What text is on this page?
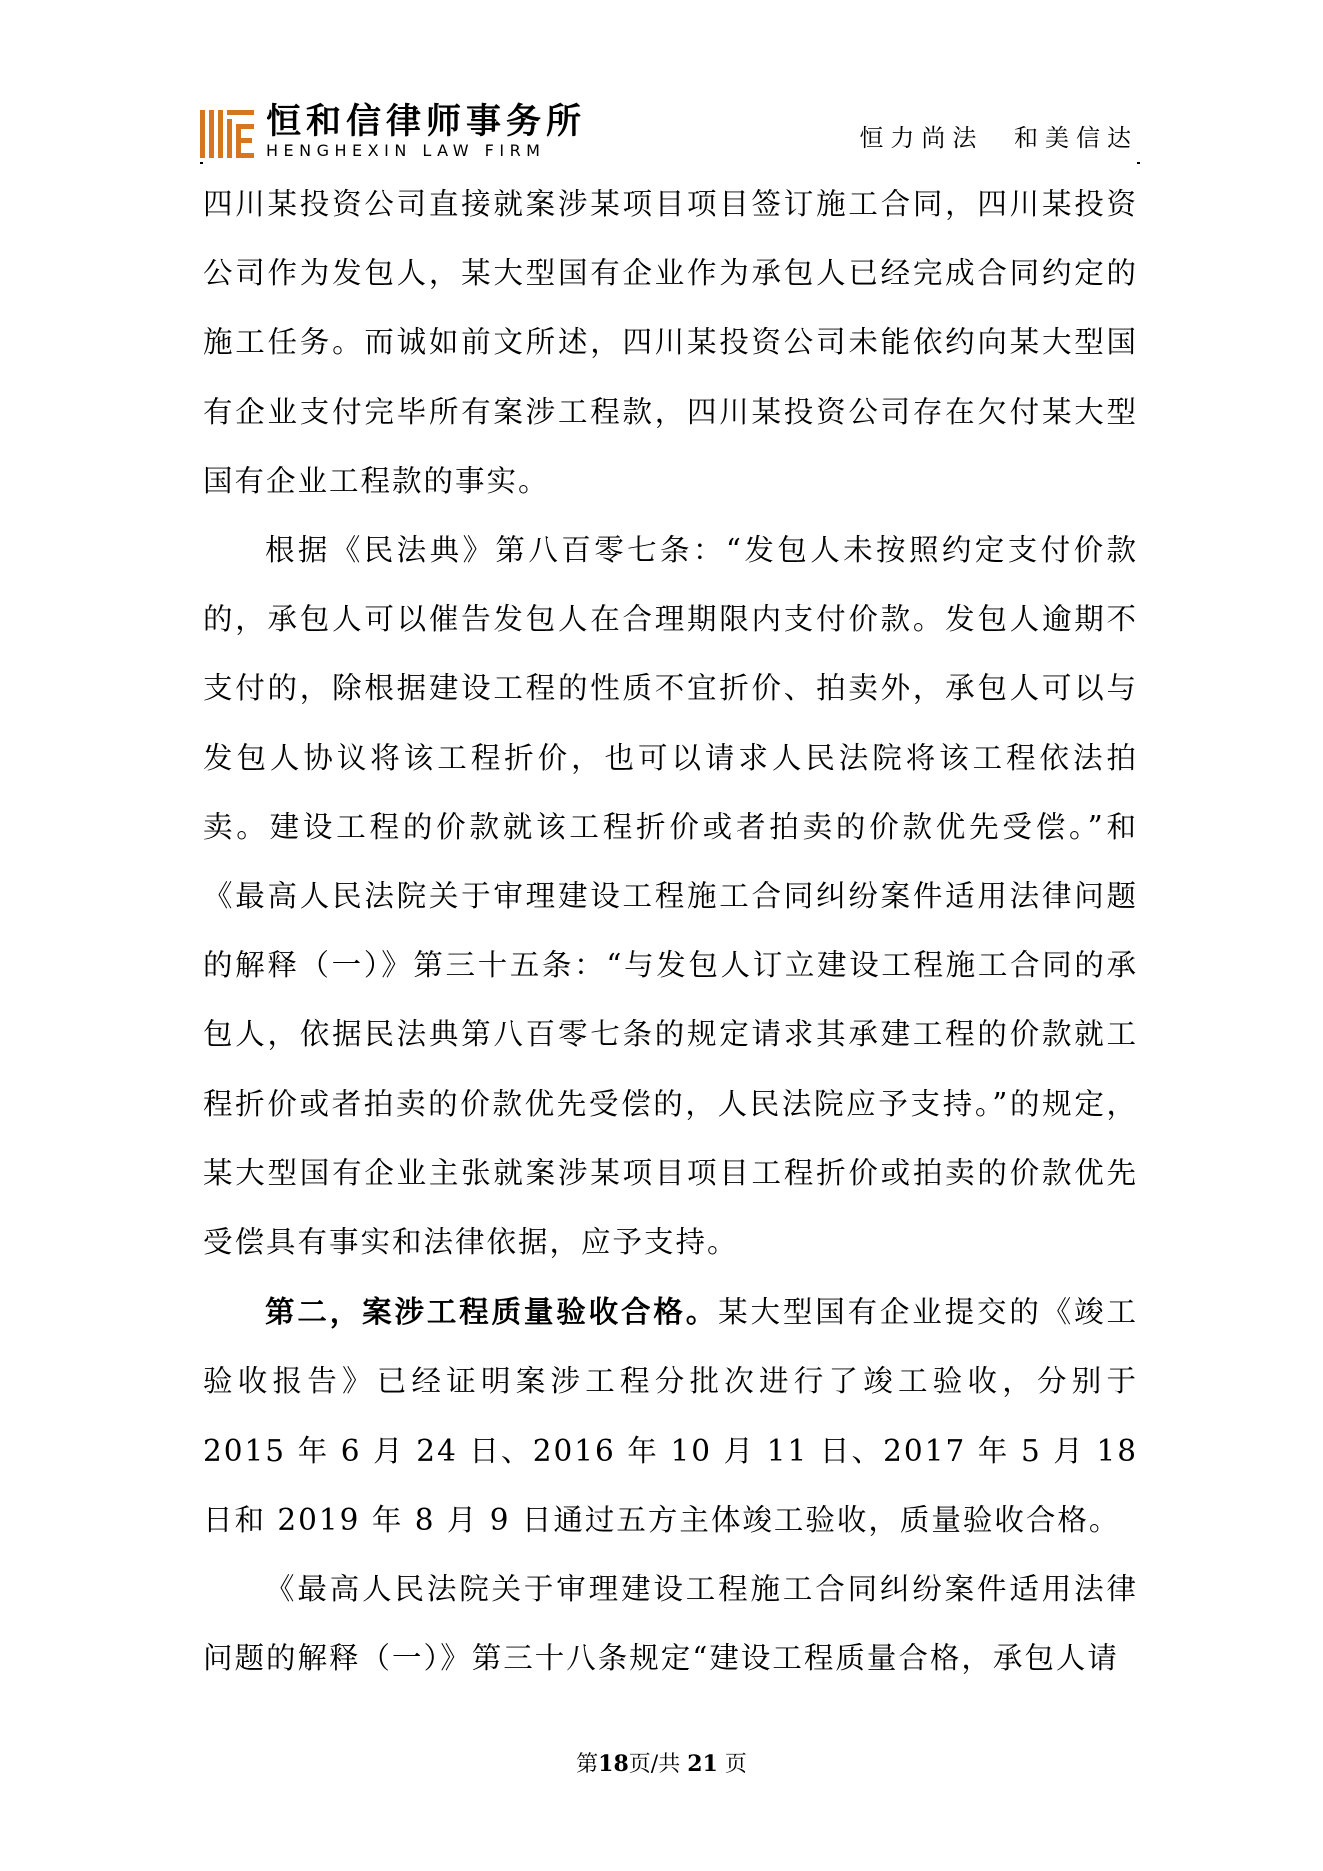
恒和信律师事务所
HENGHEXIN LAW FIRM	恒力尚法 和美信达

四川某投资公司直接就案涉某项目项目签订施工合同，四川某投资公司作为发包人，某大型国有企业作为承包人已经完成合同约定的施工任务。而诚如前文所述，四川某投资公司未能依约向某大型国有企业支付完毕所有案涉工程款，四川某投资公司存在欠付某大型国有企业工程款的事实。

根据《民法典》第八百零七条：“发包人未按照约定支付价款的，承包人可以催告发包人在合理期限内支付价款。发包人逾期不支付的，除根据建设工程的性质不宜折价、拍卖外，承包人可以与发包人协议将该工程折价，也可以请求人民法院将该工程依法拍卖。建设工程的价款就该工程折价或者拍卖的价款优先受偿。”和《最高人民法院关于审理建设工程施工合同纠纷案件适用法律问题的解释（一）》第三十五条：“与发包人订立建设工程施工合同的承包人，依据民法典第八百零七条的规定请求其承建工程的价款就工程折价或者拍卖的价款优先受偿的，人民法院应予支持。”的规定，某大型国有企业主张就案涉某项目项目工程折价或拍卖的价款优先受偿具有事实和法律依据，应予支持。

第二，案涉工程质量验收合格。某大型国有企业提交的《竣工验收报告》已经证明案涉工程分批次进行了竣工验收，分别于 2015 年 6 月 24 日、2016 年 10 月 11 日、2017 年 5 月 18 日和 2019 年 8 月 9 日通过五方主体竣工验收，质量验收合格。

《最高人民法院关于审理建设工程施工合同纠纷案件适用法律问题的解释（一）》第三十八条规定“建设工程质量合格，承包人请

第18页/共 21 页
